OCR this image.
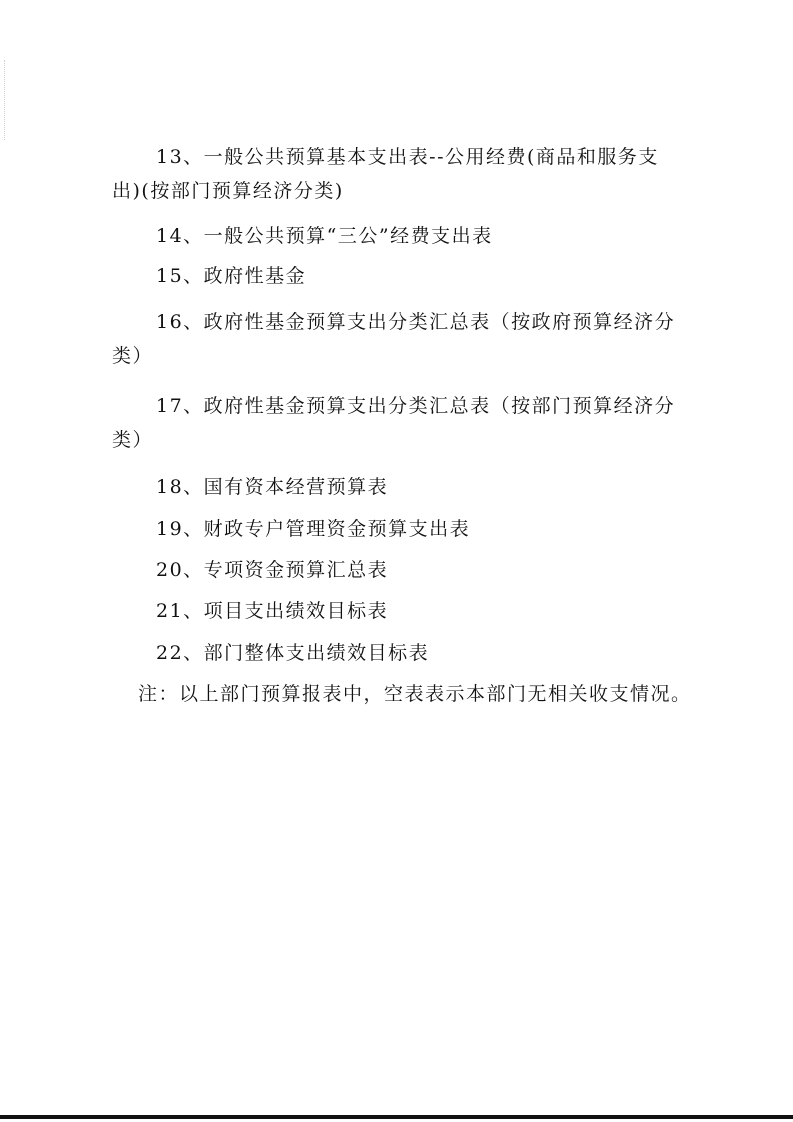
13、一般公共预算基本支出表--公用经费(商品和服务支
出)(按部门预算经济分类)
14、一般公共预算“三公”经费支出表
15、政府性基金
16、政府性基金预算支出分类汇总表（按政府预算经济分
类）
17、政府性基金预算支出分类汇总表（按部门预算经济分
类）
18、国有资本经营预算表
19、财政专户管理资金预算支出表
20、专项资金预算汇总表
21、项目支出绩效目标表
22、部门整体支出绩效目标表
注：以上部门预算报表中，空表表示本部门无相关收支情况。
